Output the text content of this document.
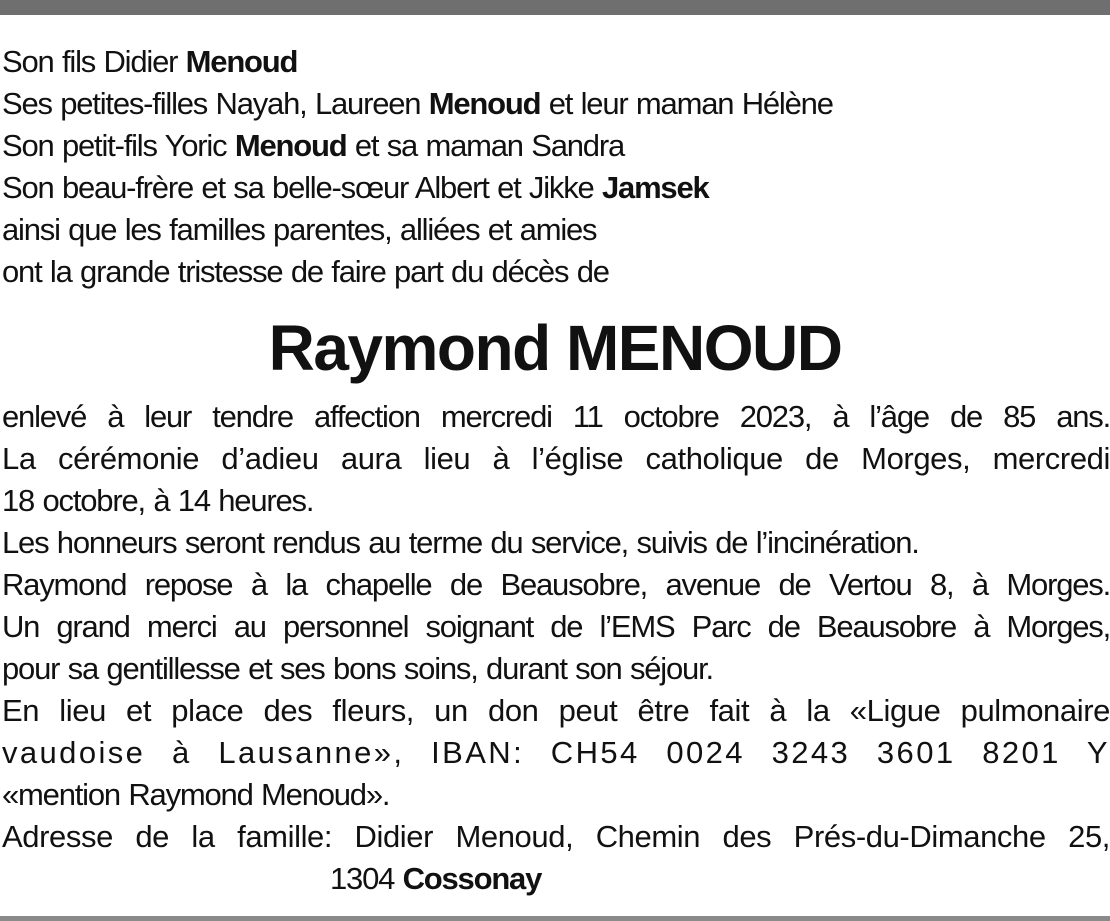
Son fils Didier Menoud
Ses petites-filles Nayah, Laureen Menoud et leur maman Hélène
Son petit-fils Yoric Menoud et sa maman Sandra
Son beau-frère et sa belle-sœur Albert et Jikke Jamsek
ainsi que les familles parentes, alliées et amies
ont la grande tristesse de faire part du décès de
Raymond MENOUD
enlevé à leur tendre affection mercredi 11 octobre 2023, à l’âge de 85 ans.
La cérémonie d’adieu aura lieu à l’église catholique de Morges, mercredi
18 octobre, à 14 heures.
Les honneurs seront rendus au terme du service, suivis de l’incinération.
Raymond repose à la chapelle de Beausobre, avenue de Vertou 8, à Morges.
Un grand merci au personnel soignant de l’EMS Parc de Beausobre à Morges,
pour sa gentillesse et ses bons soins, durant son séjour.
En lieu et place des fleurs, un don peut être fait à la «Ligue pulmonaire
vaudoise à Lausanne», IBAN: CH54 0024 3243 3601 8201 Y
«mention Raymond Menoud».
Adresse de la famille: Didier Menoud, Chemin des Prés-du-Dimanche 25,
1304 Cossonay
